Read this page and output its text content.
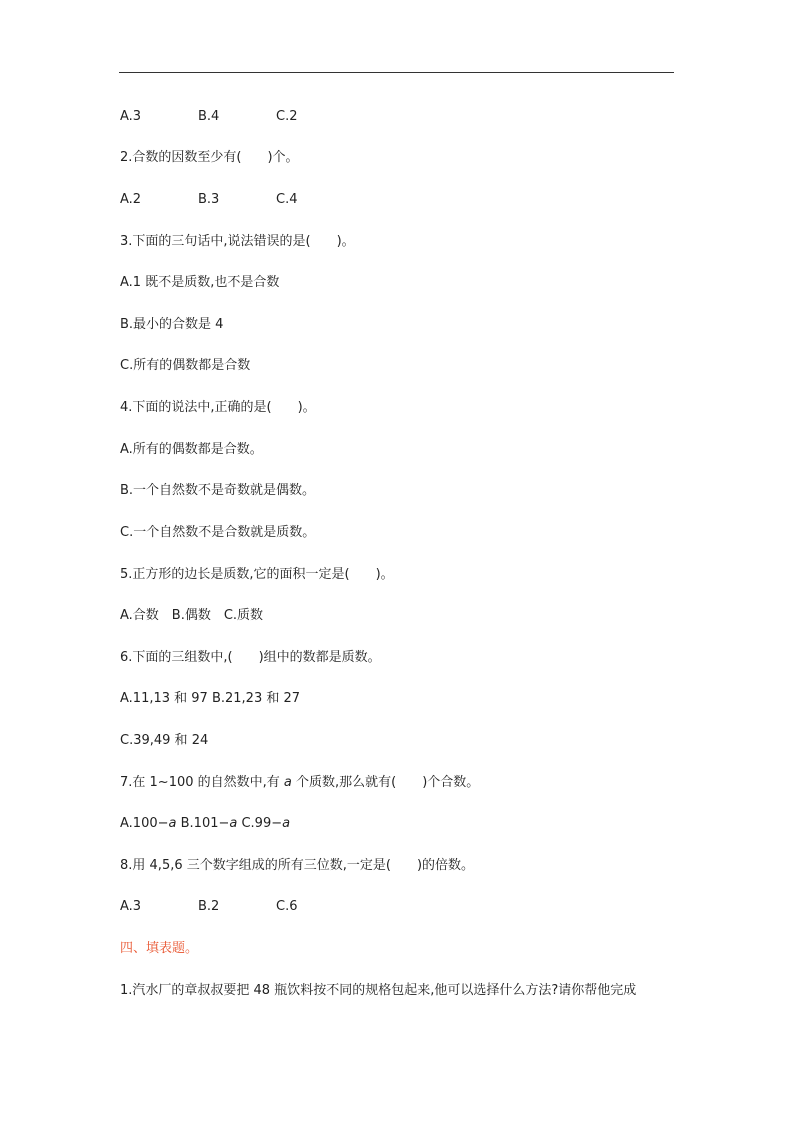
A.3	B.4	C.2
2.合数的因数至少有(　　)个。
A.2	B.3	C.4
3.下面的三句话中,说法错误的是(　　)。
A.1 既不是质数,也不是合数
B.最小的合数是 4
C.所有的偶数都是合数
4.下面的说法中,正确的是(　　)。
A.所有的偶数都是合数。
B.一个自然数不是奇数就是偶数。
C.一个自然数不是合数就是质数。
5.正方形的边长是质数,它的面积一定是(　　)。
A.合数　B.偶数　C.质数
6.下面的三组数中,(　　)组中的数都是质数。
A.11,13 和 97 B.21,23 和 27
C.39,49 和 24
7.在 1~100 的自然数中,有 a 个质数,那么就有(　　)个合数。
A.100−a B.101−a C.99−a
8.用 4,5,6 三个数字组成的所有三位数,一定是(　　)的倍数。
A.3	B.2	C.6
四、填表题。
1.汽水厂的章叔叔要把 48 瓶饮料按不同的规格包起来,他可以选择什么方法?请你帮他完成
